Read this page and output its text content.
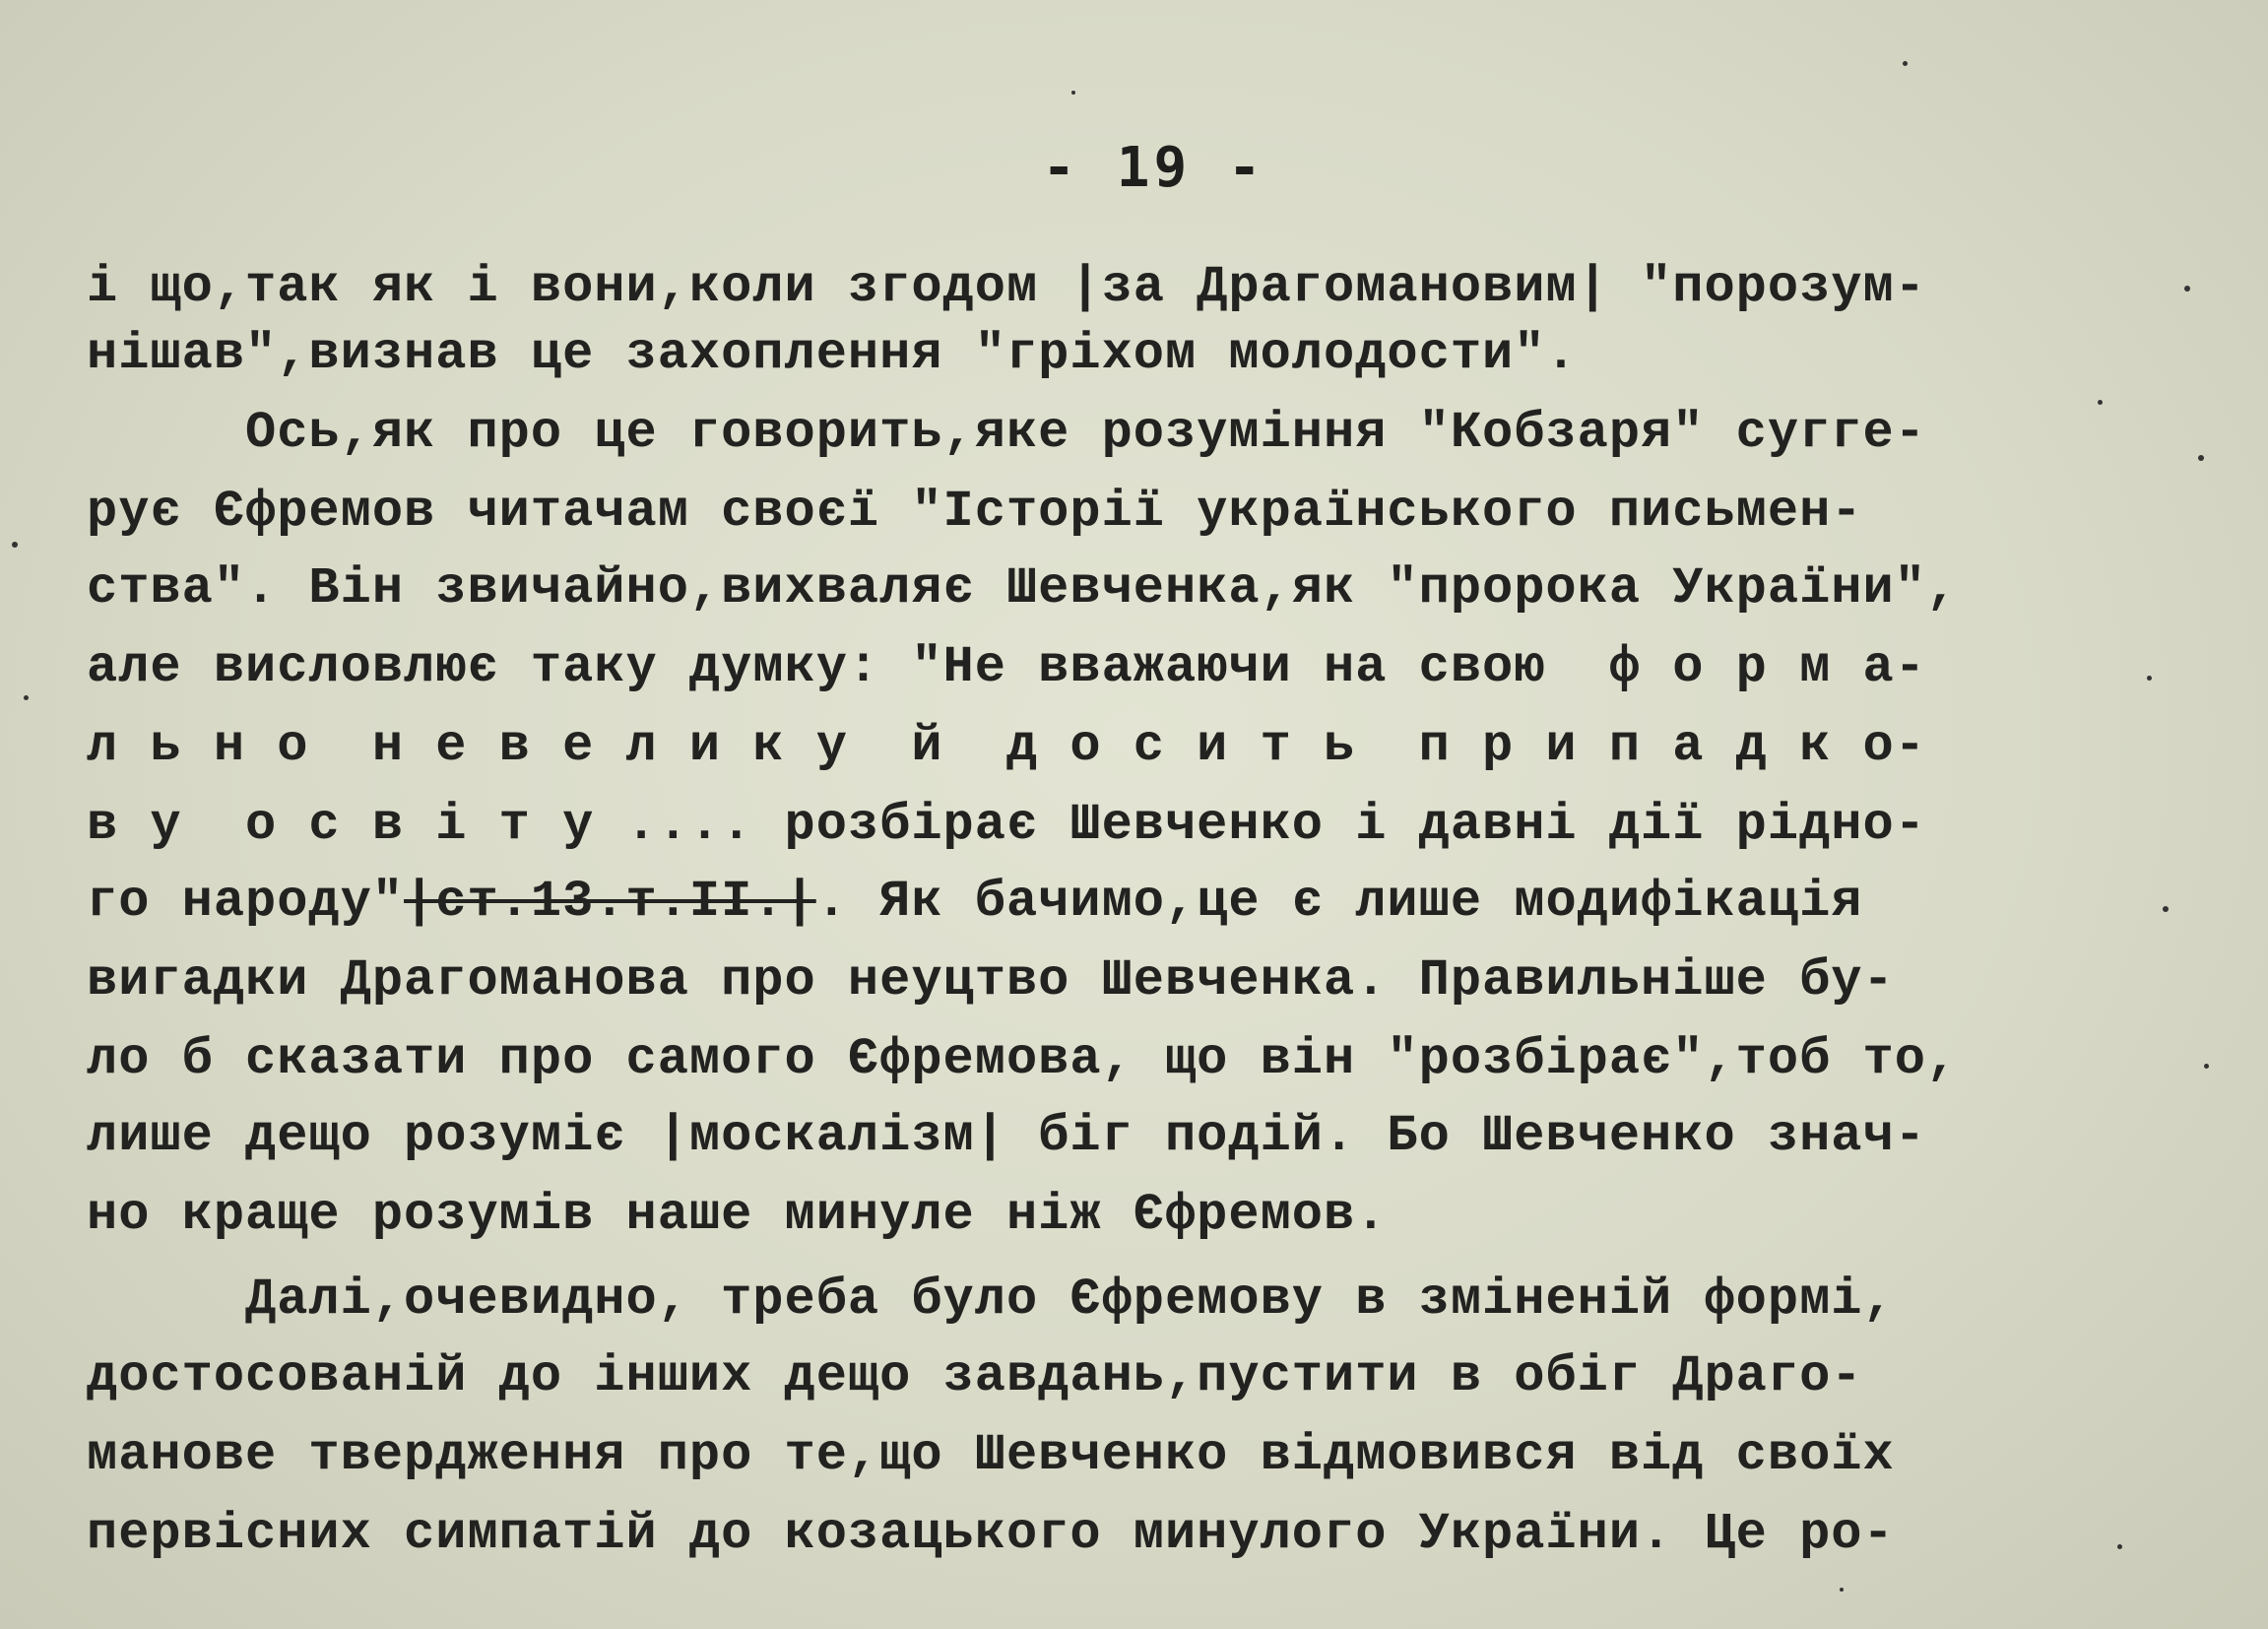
- 19 -
і що,так як і вони,коли згодом |за Драгомановим| "порозум-
нішав",визнав це захоплення "гріхом молодости".
Ось,як про це говорить,яке розуміння "Кобзаря" сугге-
рує Єфремов читачам своєї "Історії українського письмен-
ства". Він звичайно,вихваляє Шевченка,як "пророка України",
але висловлює таку думку: "Не вважаючи на свою  ф о р м а-
л ь н о  н е в е л и к у  й  д о с и т ь  п р и п а д к о-
в у  о с в і т у .... розбірає Шевченко і давні дії рідно-
го народу"|ст.13.т.II.|. Як бачимо,це є лише модифікація
вигадки Драгоманова про неуцтво Шевченка. Правильніше бу-
ло б сказати про самого Єфремова, що він "розбірає",тоб то,
лише дещо розуміє |москалізм| біг подій. Бо Шевченко знач-
но краще розумів наше минуле ніж Єфремов.
Далі,очевидно, треба було Єфремову в зміненій формі,
достосованій до інших дещо завдань,пустити в обіг Драго-
манове твердження про те,що Шевченко відмовився від своїх
первісних симпатій до козацького минулого України. Це ро-
